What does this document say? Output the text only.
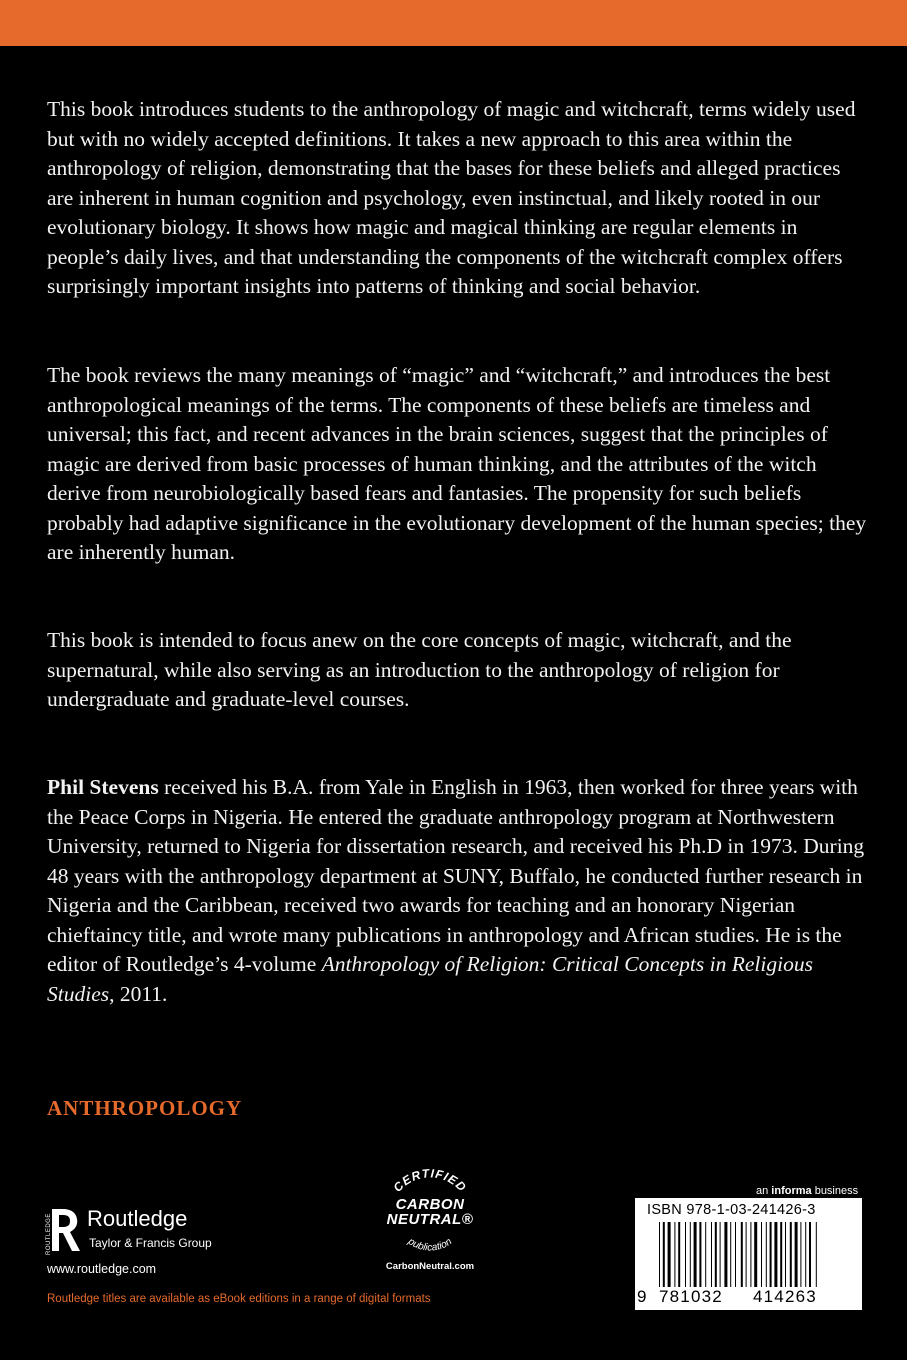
This book introduces students to the anthropology of magic and witchcraft, terms widely used but with no widely accepted definitions. It takes a new approach to this area within the anthropology of religion, demonstrating that the bases for these beliefs and alleged practices are inherent in human cognition and psychology, even instinctual, and likely rooted in our evolutionary biology. It shows how magic and magical thinking are regular elements in people’s daily lives, and that understanding the components of the witchcraft complex offers surprisingly important insights into patterns of thinking and social behavior.

The book reviews the many meanings of “magic” and “witchcraft,” and introduces the best anthropological meanings of the terms. The components of these beliefs are timeless and universal; this fact, and recent advances in the brain sciences, suggest that the principles of magic are derived from basic processes of human thinking, and the attributes of the witch derive from neurobiologically based fears and fantasies. The propensity for such beliefs probably had adaptive significance in the evolutionary development of the human species; they are inherently human.

This book is intended to focus anew on the core concepts of magic, witchcraft, and the supernatural, while also serving as an introduction to the anthropology of religion for undergraduate and graduate-level courses.

Phil Stevens received his B.A. from Yale in English in 1963, then worked for three years with the Peace Corps in Nigeria. He entered the graduate anthropology program at Northwestern University, returned to Nigeria for dissertation research, and received his Ph.D in 1973. During 48 years with the anthropology department at SUNY, Buffalo, he conducted further research in Nigeria and the Caribbean, received two awards for teaching and an honorary Nigerian chieftaincy title, and wrote many publications in anthropology and African studies. He is the editor of Routledge’s 4-volume Anthropology of Religion: Critical Concepts in Religious Studies, 2011.

ANTHROPOLOGY
ROUTLEDGE Routledge
Taylor & Francis Group
www.routledge.com
Routledge titles are available as eBook editions in a range of digital formats
CERTIFIED
publication
CARBON
NEUTRAL®
CarbonNeutral.com
an informa business
ISBN 978-1-03-241426-3
9 781032 414263
